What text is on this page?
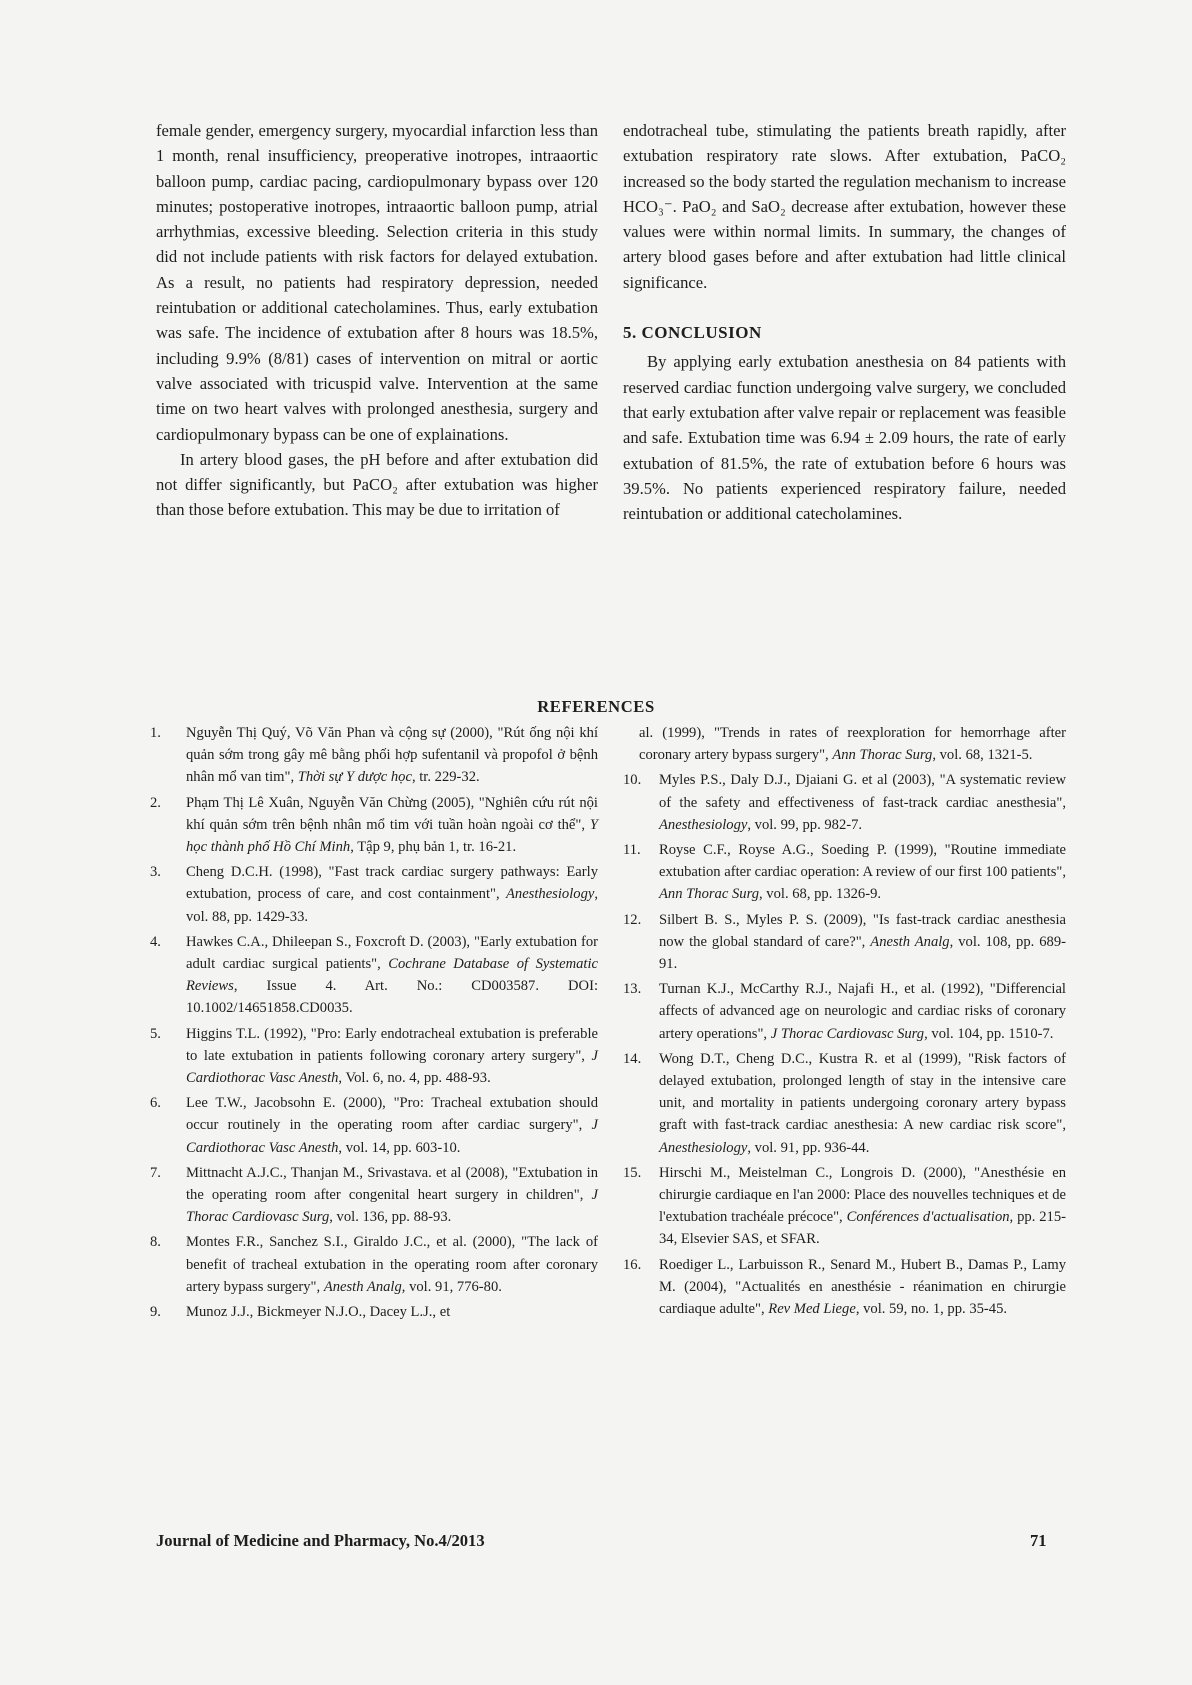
female gender, emergency surgery, myocardial infarction less than 1 month, renal insufficiency, preoperative inotropes, intraaortic balloon pump, cardiac pacing, cardiopulmonary bypass over 120 minutes; postoperative inotropes, intraaortic balloon pump, atrial arrhythmias, excessive bleeding. Selection criteria in this study did not include patients with risk factors for delayed extubation. As a result, no patients had respiratory depression, needed reintubation or additional catecholamines. Thus, early extubation was safe. The incidence of extubation after 8 hours was 18.5%, including 9.9% (8/81) cases of intervention on mitral or aortic valve associated with tricuspid valve. Intervention at the same time on two heart valves with prolonged anesthesia, surgery and cardiopulmonary bypass can be one of explainations.

In artery blood gases, the pH before and after extubation did not differ significantly, but PaCO₂ after extubation was higher than those before extubation. This may be due to irritation of

endotracheal tube, stimulating the patients breath rapidly, after extubation respiratory rate slows. After extubation, PaCO₂ increased so the body started the regulation mechanism to increase HCO₃⁻. PaO₂ and SaO₂ decrease after extubation, however these values were within normal limits. In summary, the changes of artery blood gases before and after extubation had little clinical significance.

5. CONCLUSION

By applying early extubation anesthesia on 84 patients with reserved cardiac function undergoing valve surgery, we concluded that early extubation after valve repair or replacement was feasible and safe. Extubation time was 6.94 ± 2.09 hours, the rate of early extubation of 81.5%, the rate of extubation before 6 hours was 39.5%. No patients experienced respiratory failure, needed reintubation or additional catecholamines.

REFERENCES
1.	Nguyễn Thị Quý, Võ Văn Phan và cộng sự (2000), "Rút ống nội khí quản sớm trong gây mê bằng phối hợp sufentanil và propofol ở bệnh nhân mổ van tim", Thời sự Y dược học, tr. 229-32.
2.	Phạm Thị Lê Xuân, Nguyễn Văn Chừng (2005), "Nghiên cứu rút nội khí quản sớm trên bệnh nhân mổ tim với tuần hoàn ngoài cơ thể", Y học thành phố Hồ Chí Minh, Tập 9, phụ bản 1, tr. 16-21.
3.	Cheng D.C.H. (1998), "Fast track cardiac surgery pathways: Early extubation, process of care, and cost containment", Anesthesiology, vol. 88, pp. 1429-33.
4.	Hawkes C.A., Dhileepan S., Foxcroft D. (2003), "Early extubation for adult cardiac surgical patients", Cochrane Database of Systematic Reviews, Issue 4. Art. No.: CD003587. DOI: 10.1002/14651858.CD0035.
5.	Higgins T.L. (1992), "Pro: Early endotracheal extubation is preferable to late extubation in patients following coronary artery surgery", J Cardiothorac Vasc Anesth, Vol. 6, no. 4, pp. 488-93.
6.	Lee T.W., Jacobsohn E. (2000), "Pro: Tracheal extubation should occur routinely in the operating room after cardiac surgery", J Cardiothorac Vasc Anesth, vol. 14, pp. 603-10.
7.	Mittnacht A.J.C., Thanjan M., Srivastava. et al (2008), "Extubation in the operating room after congenital heart surgery in children", J Thorac Cardiovasc Surg, vol. 136, pp. 88-93.
8.	Montes F.R., Sanchez S.I., Giraldo J.C., et al. (2000), "The lack of benefit of tracheal extubation in the operating room after coronary artery bypass surgery", Anesth Analg, vol. 91, 776-80.
9.	Munoz J.J., Bickmeyer N.J.O., Dacey L.J., et
al. (1999), "Trends in rates of reexploration for hemorrhage after coronary artery bypass surgery", Ann Thorac Surg, vol. 68, 1321-5.
10.	Myles P.S., Daly D.J., Djaiani G. et al (2003), "A systematic review of the safety and effectiveness of fast-track cardiac anesthesia", Anesthesiology, vol. 99, pp. 982-7.
11.	Royse C.F., Royse A.G., Soeding P. (1999), "Routine immediate extubation after cardiac operation: A review of our first 100 patients", Ann Thorac Surg, vol. 68, pp. 1326-9.
12.	Silbert B. S., Myles P. S. (2009), "Is fast-track cardiac anesthesia now the global standard of care?", Anesth Analg, vol. 108, pp. 689-91.
13.	Turnan K.J., McCarthy R.J., Najafi H., et al. (1992), "Differencial affects of advanced age on neurologic and cardiac risks of coronary artery operations", J Thorac Cardiovasc Surg, vol. 104, pp. 1510-7.
14.	Wong D.T., Cheng D.C., Kustra R. et al (1999), "Risk factors of delayed extubation, prolonged length of stay in the intensive care unit, and mortality in patients undergoing coronary artery bypass graft with fast-track cardiac anesthesia: A new cardiac risk score", Anesthesiology, vol. 91, pp. 936-44.
15.	Hirschi M., Meistelman C., Longrois D. (2000), "Anesthésie en chirurgie cardiaque en l'an 2000: Place des nouvelles techniques et de l'extubation trachéale précoce", Conférences d'actualisation, pp. 215-34, Elsevier SAS, et SFAR.
16.	Roediger L., Larbuisson R., Senard M., Hubert B., Damas P., Lamy M. (2004), "Actualités en anesthésie - réanimation en chirurgie cardiaque adulte", Rev Med Liege, vol. 59, no. 1, pp. 35-45.
Journal of Medicine and Pharmacy, No.4/2013	71
